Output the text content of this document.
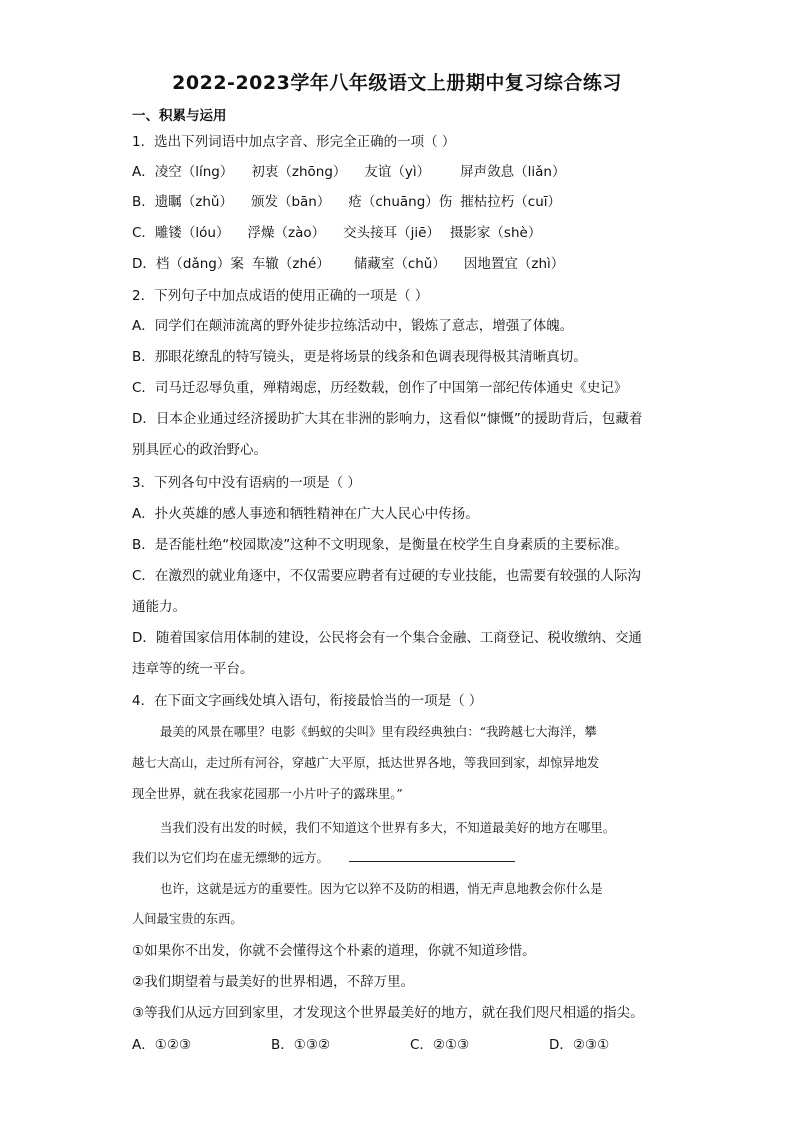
2022-2023学年八年级语文上册期中复习综合练习
一、积累与运用
1．选出下列词语中加点字音、形完全正确的一项（ ）
A．凌空（líng） 初衷（zhōng） 友谊（yì） 屏声敛息（liǎn）
B．遗瞩（zhǔ） 颁发（bān） 疮（chuāng）伤 摧枯拉朽（cuī）
C．雕镂（lóu） 浮燥（zào） 交头接耳（jiē） 摄影家（shè）
D．档（dǎng）案 车辙（zhé） 储藏室（chǔ） 因地置宜（zhì）
2．下列句子中加点成语的使用正确的一项是（ ）
A．同学们在颠沛流离的野外徒步拉练活动中，锻炼了意志，增强了体魄。
B．那眼花缭乱的特写镜头，更是将场景的线条和色调表现得极其清晰真切。
C．司马迁忍辱负重，殚精竭虑，历经数载，创作了中国第一部纪传体通史《史记》
D．日本企业通过经济援助扩大其在非洲的影响力，这看似“慷慨”的援助背后，包藏着
别具匠心的政治野心。
3．下列各句中没有语病的一项是（ ）
A．扑火英雄的感人事迹和牺牲精神在广大人民心中传扬。
B．是否能杜绝“校园欺凌”这种不文明现象，是衡量在校学生自身素质的主要标准。
C．在激烈的就业角逐中，不仅需要应聘者有过硬的专业技能，也需要有较强的人际沟
通能力。
D．随着国家信用体制的建设，公民将会有一个集合金融、工商登记、税收缴纳、交通
违章等的统一平台。
4．在下面文字画线处填入语句，衔接最恰当的一项是（ ）
最美的风景在哪里？电影《蚂蚁的尖叫》里有段经典独白：“我跨越七大海洋，攀
越七大高山，走过所有河谷，穿越广大平原，抵达世界各地，等我回到家，却惊异地发
现全世界，就在我家花园那一小片叶子的露珠里。”
当我们没有出发的时候，我们不知道这个世界有多大，不知道最美好的地方在哪里。
我们以为它们均在虚无缥缈的远方。
也许，这就是远方的重要性。因为它以猝不及防的相遇，悄无声息地教会你什么是
人间最宝贵的东西。
①如果你不出发，你就不会懂得这个朴素的道理，你就不知道珍惜。
②我们期望着与最美好的世界相遇，不辞万里。
③等我们从远方回到家里，才发现这个世界最美好的地方，就在我们咫尺相遥的指尖。
A．①②③	B．①③②	C．②①③	D．②③①
